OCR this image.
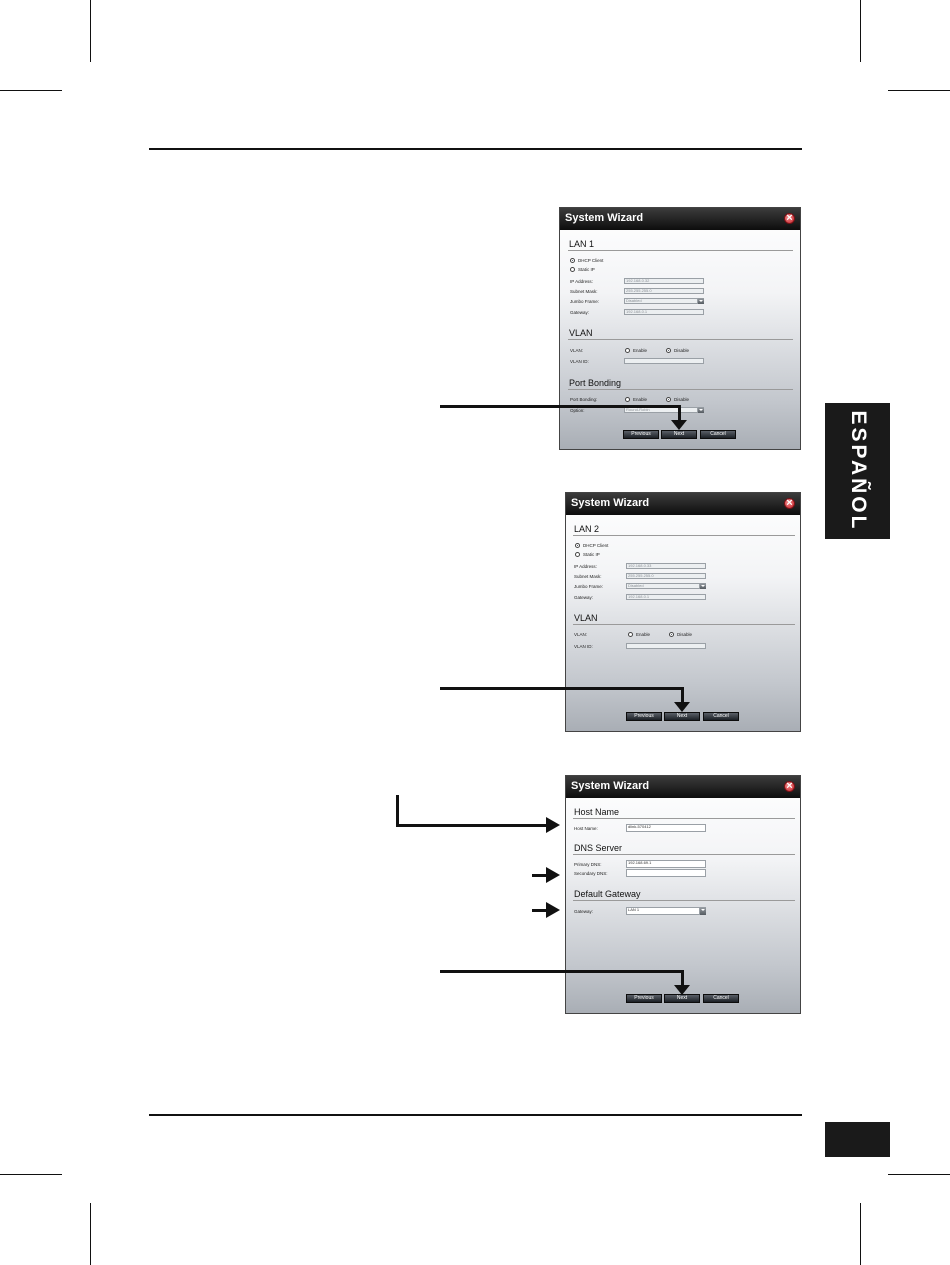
ESPAÑOL
System Wizard
×
LAN 1
DHCP Client
Static IP
IP Address:	192.168.0.32
Subnet Mask:	255.255.255.0
Jumbo Frame:	Disabled
Gateway:	192.168.0.1
VLAN
VLAN:	Enable	Disable
VLAN ID:
Port Bonding
Port Bonding:	Enable	Disable
Option:	Round-Robin
Previous	Next	Cancel
System Wizard
×
LAN 2
DHCP Client
Static IP
IP Address:	192.168.0.33
Subnet Mask:	255.255.255.0
Jumbo Frame:	Disabled
Gateway:	192.168.0.1
VLAN
VLAN:	Enable	Disable
VLAN ID:
Previous	Next	Cancel
System Wizard
×
Host Name
Host Name:	dlink-570412
DNS Server
Primary DNS:	192.168.69.1
Secondary DNS:
Default Gateway
Gateway:	LAN 1
Previous	Next	Cancel
